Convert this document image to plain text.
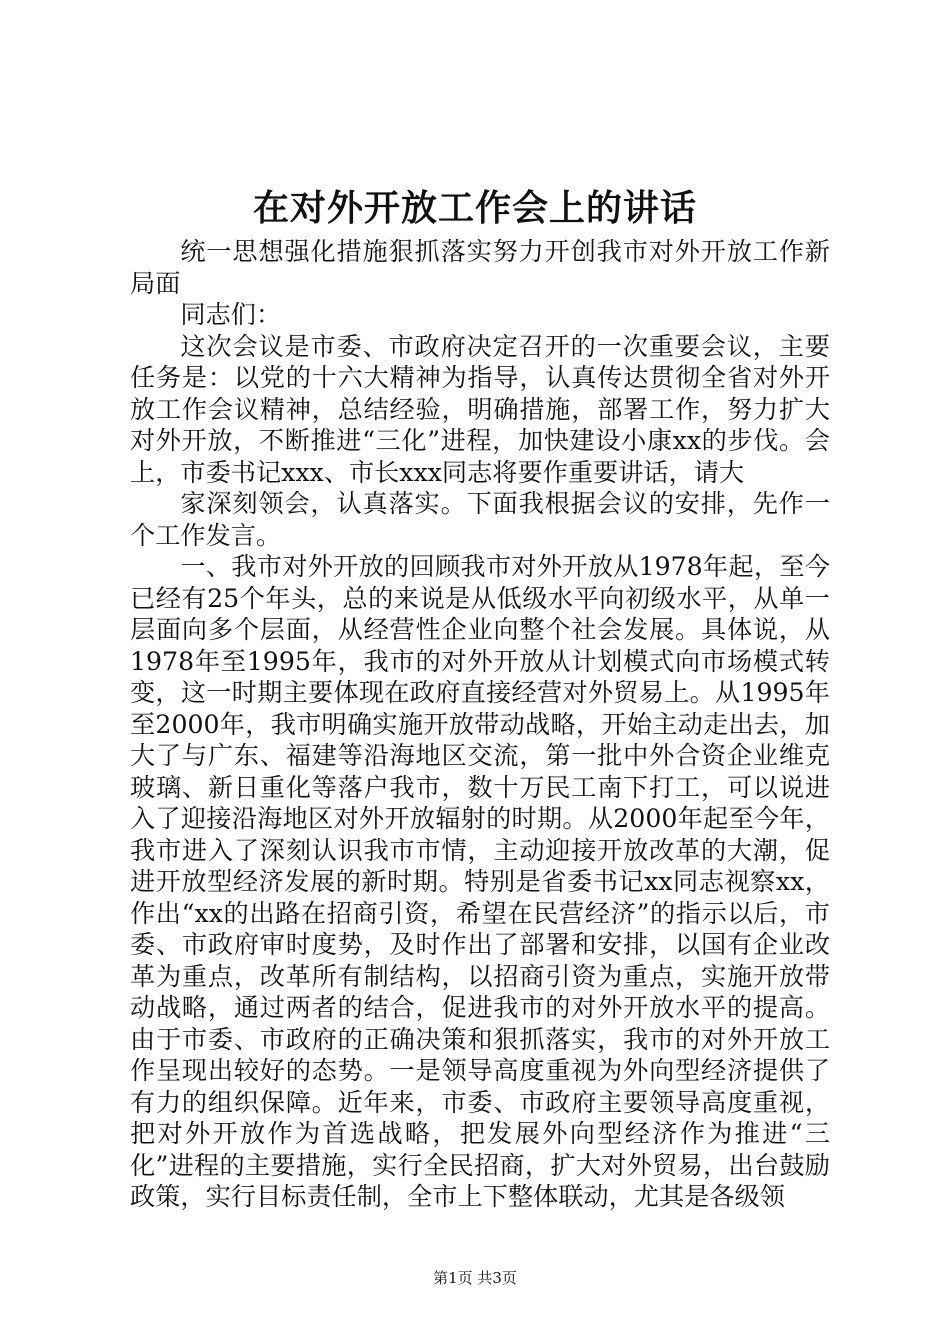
在对外开放工作会上的讲话

统一思想强化措施狠抓落实努力开创我市对外开放工作新局面

同志们：

这次会议是市委、市政府决定召开的一次重要会议，主要任务是：以党的十六大精神为指导，认真传达贯彻全省对外开放工作会议精神，总结经验，明确措施，部署工作，努力扩大对外开放，不断推进“三化”进程，加快建设小康xx的步伐。会上，市委书记xxx、市长xxx同志将要作重要讲话，请大

家深刻领会，认真落实。下面我根据会议的安排，先作一个工作发言。

一、我市对外开放的回顾我市对外开放从1978年起，至今已经有25个年头，总的来说是从低级水平向初级水平，从单一层面向多个层面，从经营性企业向整个社会发展。具体说，从1978年至1995年，我市的对外开放从计划模式向市场模式转变，这一时期主要体现在政府直接经营对外贸易上。从1995年至2000年，我市明确实施开放带动战略，开始主动走出去，加大了与广东、福建等沿海地区交流，第一批中外合资企业维克玻璃、新日重化等落户我市，数十万民工南下打工，可以说进入了迎接沿海地区对外开放辐射的时期。从2000年起至今年，我市进入了深刻认识我市市情，主动迎接开放改革的大潮，促进开放型经济发展的新时期。特别是省委书记xx同志视察xx，作出“xx的出路在招商引资，希望在民营经济”的指示以后，市委、市政府审时度势，及时作出了部署和安排，以国有企业改革为重点，改革所有制结构，以招商引资为重点，实施开放带动战略，通过两者的结合，促进我市的对外开放水平的提高。由于市委、市政府的正确决策和狠抓落实，我市的对外开放工作呈现出较好的态势。一是领导高度重视为外向型经济提供了有力的组织保障。近年来，市委、市政府主要领导高度重视，把对外开放作为首选战略，把发展外向型经济作为推进“三化”进程的主要措施，实行全民招商，扩大对外贸易，出台鼓励政策，实行目标责任制，全市上下整体联动，尤其是各级领

第1页 共3页
